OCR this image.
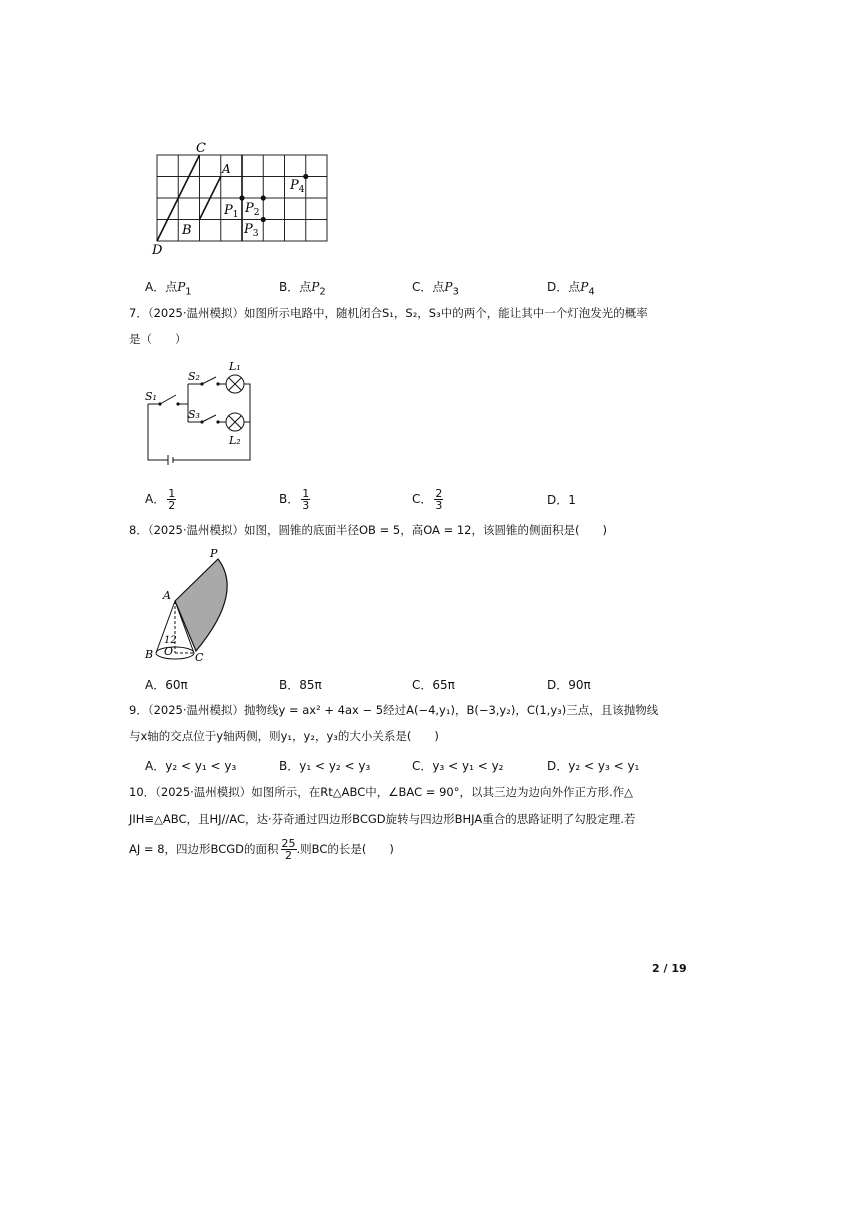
C
A
B
D
$P_1$ $P_2$
$P_3$
$P_4$
A．点$P_1$	B．点$P_2$	C．点$P_3$	D．点$P_4$
7．（2025·温州模拟）如图所示电路中，随机闭合S₁，S₂，S₃中的两个，能让其中一个灯泡发光的概率
是（　　）
S₁
S₂
S₃
L₁
L₂
A． $\frac{1}{2}$	B． $\frac{1}{3}$	C． $\frac{2}{3}$	D．1
8．（2025·温州模拟）如图，圆锥的底面半径OB = 5，高OA = 12，该圆锥的侧面积是(　　)
P
A
12
B O C
A．60π	B．85π	C．65π	D．90π
9．（2025·温州模拟）抛物线y = ax² + 4ax − 5经过A(−4,y₁)，B(−3,y₂)，C(1,y₃)三点，且该抛物线
与x轴的交点位于y轴两侧，则y₁，y₂，y₃的大小关系是(　　)
A．y₂ < y₁ < y₃	B．y₁ < y₂ < y₃	C．y₃ < y₁ < y₂	D．y₂ < y₃ < y₁
10．（2025·温州模拟）如图所示，在Rt△ABC中，∠BAC = 90°，以其三边为边向外作正方形.作△
JIH≌△ABC，且HJ//AC，达·芬奇通过四边形BCGD旋转与四边形BHJA重合的思路证明了勾股定理.若
AJ = 8，四边形BCGD的面积 $\frac{25}{2}$ .则BC的长是(　　)
2 / 19
